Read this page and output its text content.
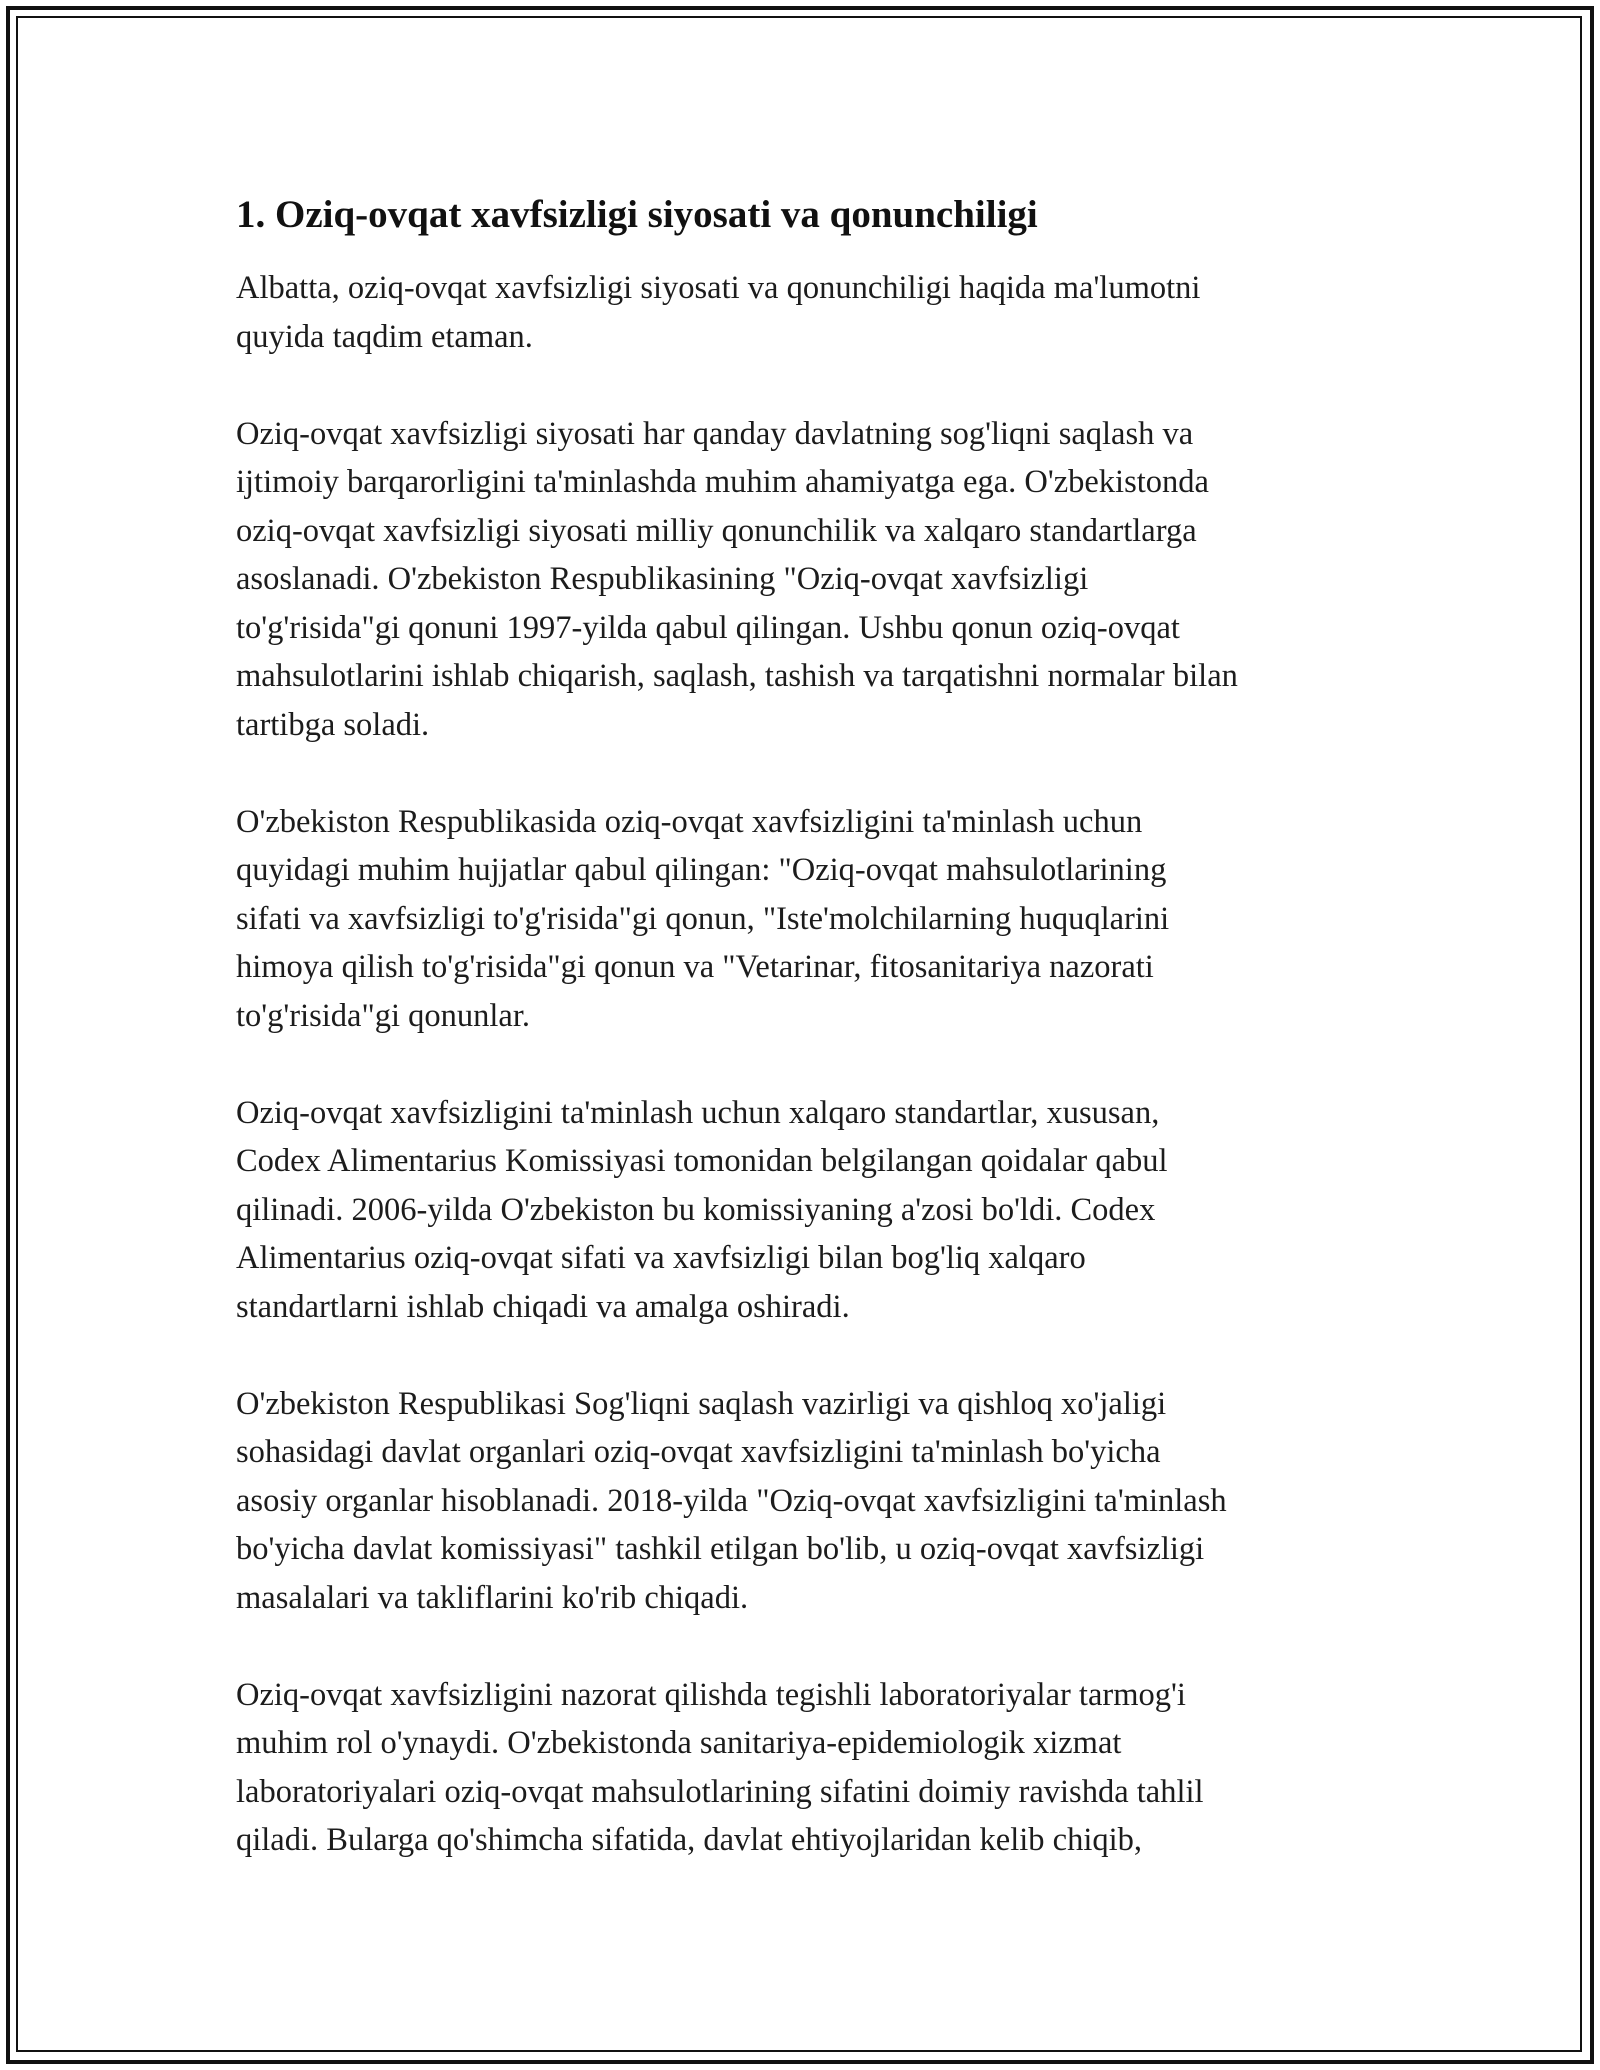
1. Oziq-ovqat xavfsizligi siyosati va qonunchiligi

Albatta, oziq-ovqat xavfsizligi siyosati va qonunchiligi haqida ma'lumotni
quyida taqdim etaman.

Oziq-ovqat xavfsizligi siyosati har qanday davlatning sog'liqni saqlash va
ijtimoiy barqarorligini ta'minlashda muhim ahamiyatga ega. O'zbekistonda
oziq-ovqat xavfsizligi siyosati milliy qonunchilik va xalqaro standartlarga
asoslanadi. O'zbekiston Respublikasining "Oziq-ovqat xavfsizligi
to'g'risida"gi qonuni 1997-yilda qabul qilingan. Ushbu qonun oziq-ovqat
mahsulotlarini ishlab chiqarish, saqlash, tashish va tarqatishni normalar bilan
tartibga soladi.

O'zbekiston Respublikasida oziq-ovqat xavfsizligini ta'minlash uchun
quyidagi muhim hujjatlar qabul qilingan: "Oziq-ovqat mahsulotlarining
sifati va xavfsizligi to'g'risida"gi qonun, "Iste'molchilarning huquqlarini
himoya qilish to'g'risida"gi qonun va "Vetarinar, fitosanitariya nazorati
to'g'risida"gi qonunlar.

Oziq-ovqat xavfsizligini ta'minlash uchun xalqaro standartlar, xususan,
Codex Alimentarius Komissiyasi tomonidan belgilangan qoidalar qabul
qilinadi. 2006-yilda O'zbekiston bu komissiyaning a'zosi bo'ldi. Codex
Alimentarius oziq-ovqat sifati va xavfsizligi bilan bog'liq xalqaro
standartlarni ishlab chiqadi va amalga oshiradi.

O'zbekiston Respublikasi Sog'liqni saqlash vazirligi va qishloq xo'jaligi
sohasidagi davlat organlari oziq-ovqat xavfsizligini ta'minlash bo'yicha
asosiy organlar hisoblanadi. 2018-yilda "Oziq-ovqat xavfsizligini ta'minlash
bo'yicha davlat komissiyasi" tashkil etilgan bo'lib, u oziq-ovqat xavfsizligi
masalalari va takliflarini ko'rib chiqadi.

Oziq-ovqat xavfsizligini nazorat qilishda tegishli laboratoriyalar tarmog'i
muhim rol o'ynaydi. O'zbekistonda sanitariya-epidemiologik xizmat
laboratoriyalari oziq-ovqat mahsulotlarining sifatini doimiy ravishda tahlil
qiladi. Bularga qo'shimcha sifatida, davlat ehtiyojlaridan kelib chiqib,
